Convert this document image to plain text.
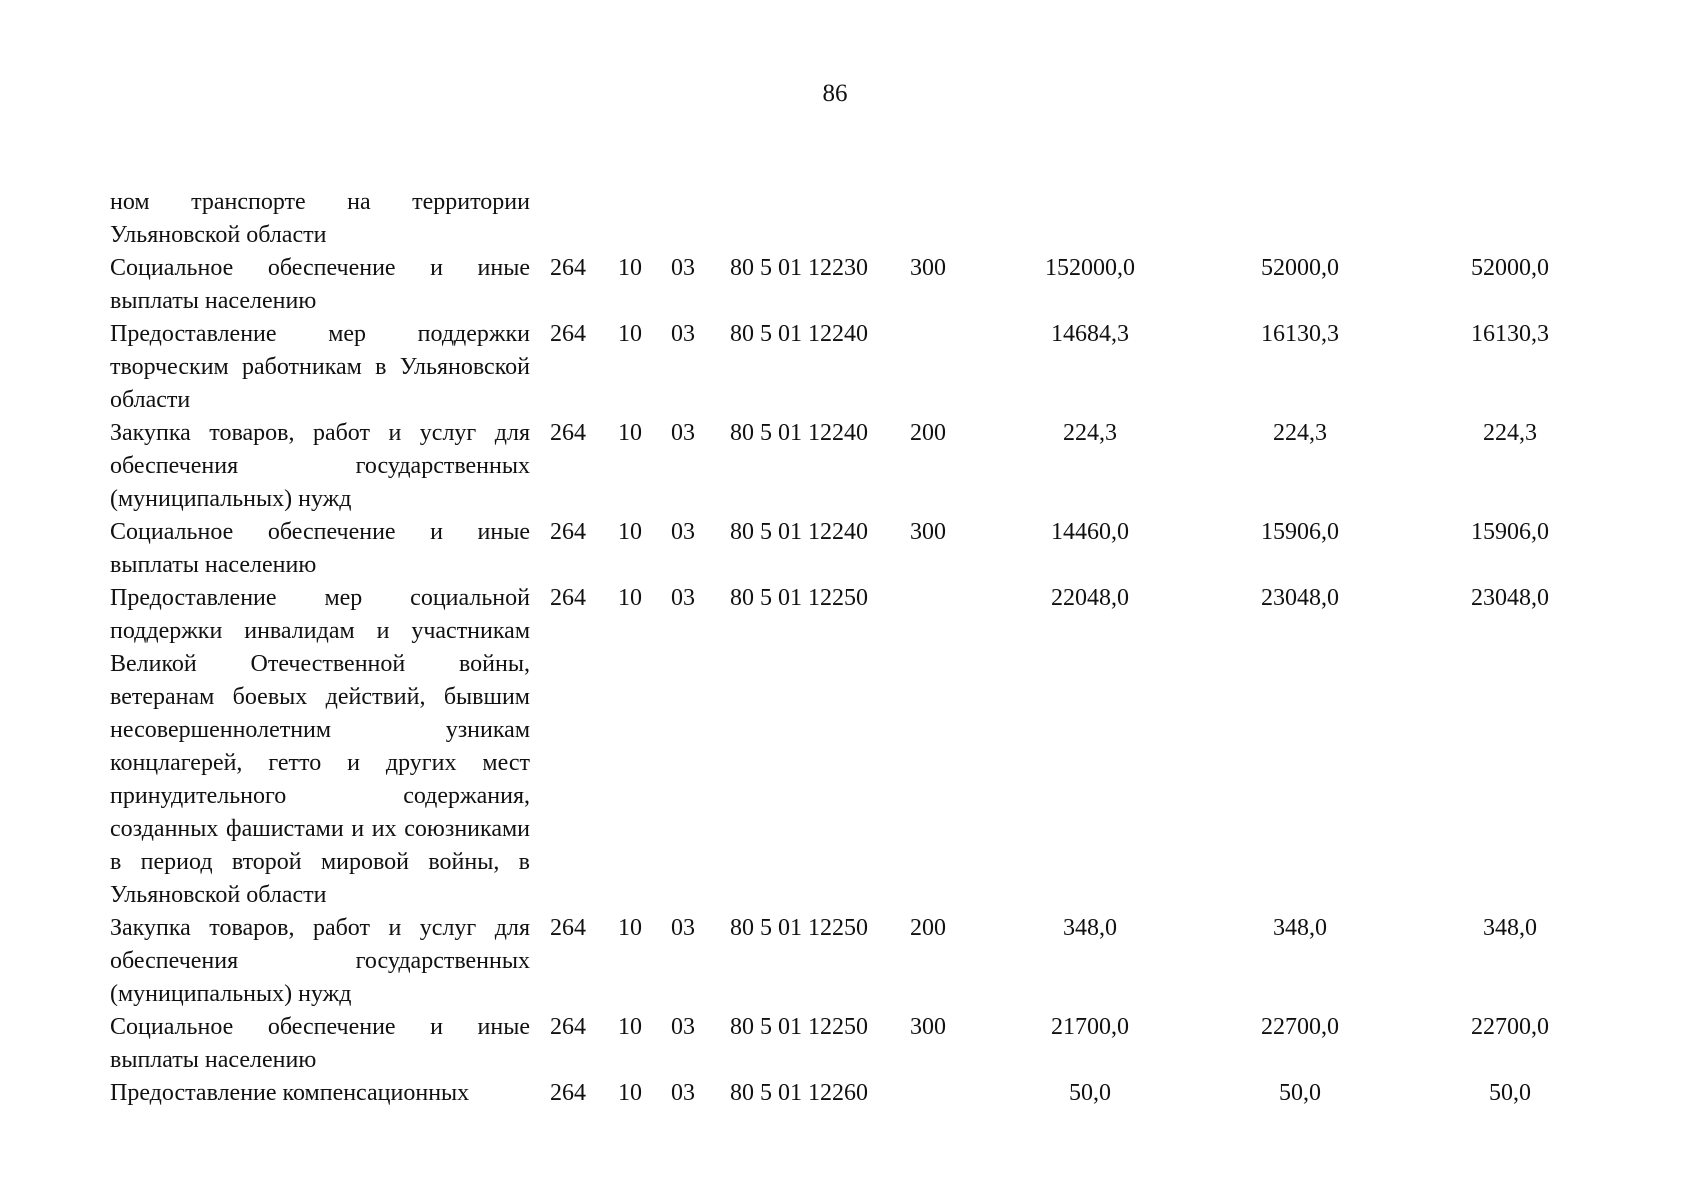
86
ном транспорте на территории Ульяновской области
Социальное обеспечение и иные выплаты населению
264 10 03 80 5 01 12230 300	152000,0	52000,0	52000,0
Предоставление мер поддержки творческим работникам в Ульяновской области
264 10 03 80 5 01 12240	14684,3	16130,3	16130,3
Закупка товаров, работ и услуг для обеспечения государственных (муниципальных) нужд
264 10 03 80 5 01 12240 200	224,3	224,3	224,3
Социальное обеспечение и иные выплаты населению
264 10 03 80 5 01 12240 300	14460,0	15906,0	15906,0
Предоставление мер социальной поддержки инвалидам и участникам Великой Отечественной войны, ветеранам боевых действий, бывшим несовершеннолетним узникам концлагерей, гетто и других мест принудительного содержания, созданных фашистами и их союзниками в период второй мировой войны, в Ульяновской области
264 10 03 80 5 01 12250	22048,0	23048,0	23048,0
Закупка товаров, работ и услуг для обеспечения государственных (муниципальных) нужд
264 10 03 80 5 01 12250 200	348,0	348,0	348,0
Социальное обеспечение и иные выплаты населению
264 10 03 80 5 01 12250 300	21700,0	22700,0	22700,0
Предоставление компенсационных	264 10 03 80 5 01 12260	50,0	50,0	50,0
